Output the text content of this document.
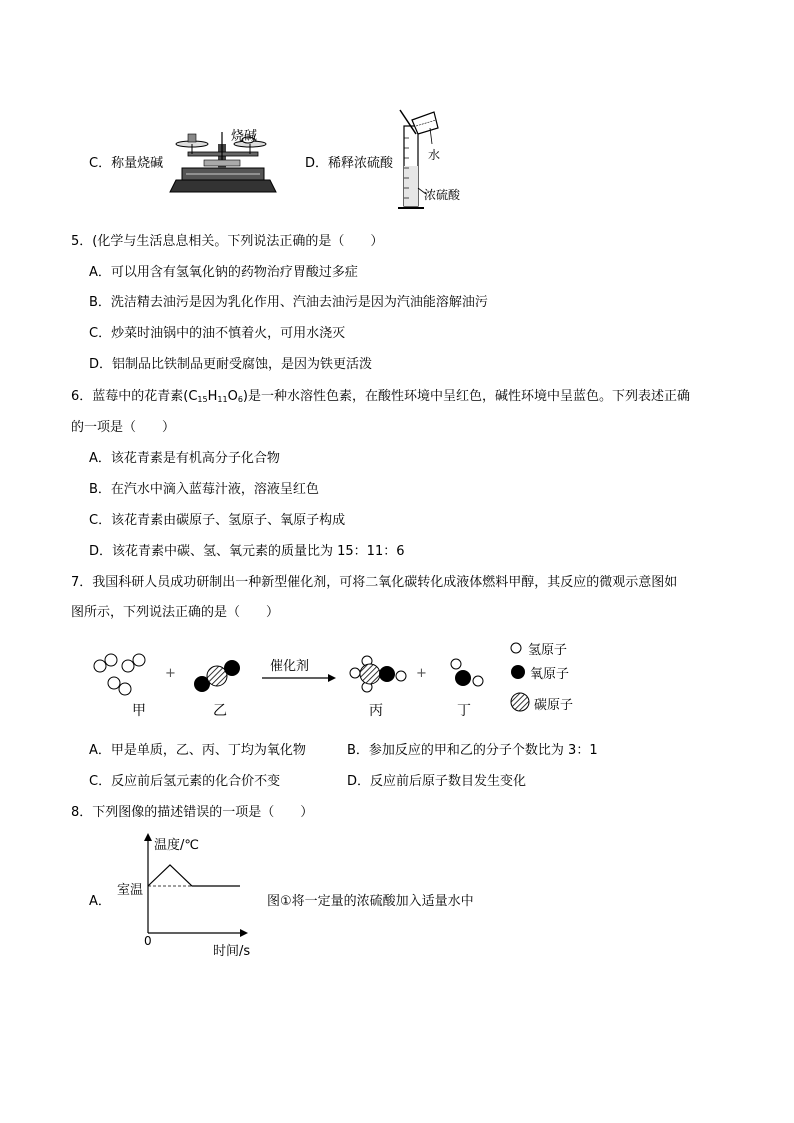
C．称量烧碱
烧碱
D．稀释浓硫酸
水
浓硫酸
5．(化学与生活息息相关。下列说法正确的是（　　）
A．可以用含有氢氧化钠的药物治疗胃酸过多症
B．洗洁精去油污是因为乳化作用、汽油去油污是因为汽油能溶解油污
C．炒菜时油锅中的油不慎着火，可用水浇灭
D．铝制品比铁制品更耐受腐蚀，是因为铁更活泼
6．蓝莓中的花青素$(C_{15}H_{11}O_6)$是一种水溶性色素，在酸性环境中呈红色，碱性环境中呈蓝色。下列表述正确
的一项是（　　）
A．该花青素是有机高分子化合物
B．在汽水中滴入蓝莓汁液，溶液呈红色
C．该花青素由碳原子、氢原子、氧原子构成
D．该花青素中碳、氢、氧元素的质量比为 15：11：6
7．我国科研人员成功研制出一种新型催化剂，可将二氧化碳转化成液体燃料甲醇，其反应的微观示意图如
图所示，下列说法正确的是（　　）
+	+
催化剂
甲	乙	丙	丁
氢原子
氧原子
碳原子
A．甲是单质，乙、丙、丁均为氧化物	B．参加反应的甲和乙的分子个数比为 3：1
C．反应前后氢元素的化合价不变	D．反应前后原子数目发生变化
8．下列图像的描述错误的一项是（　　）
A．
温度/℃
室温
0
时间/s
图①将一定量的浓硫酸加入适量水中
